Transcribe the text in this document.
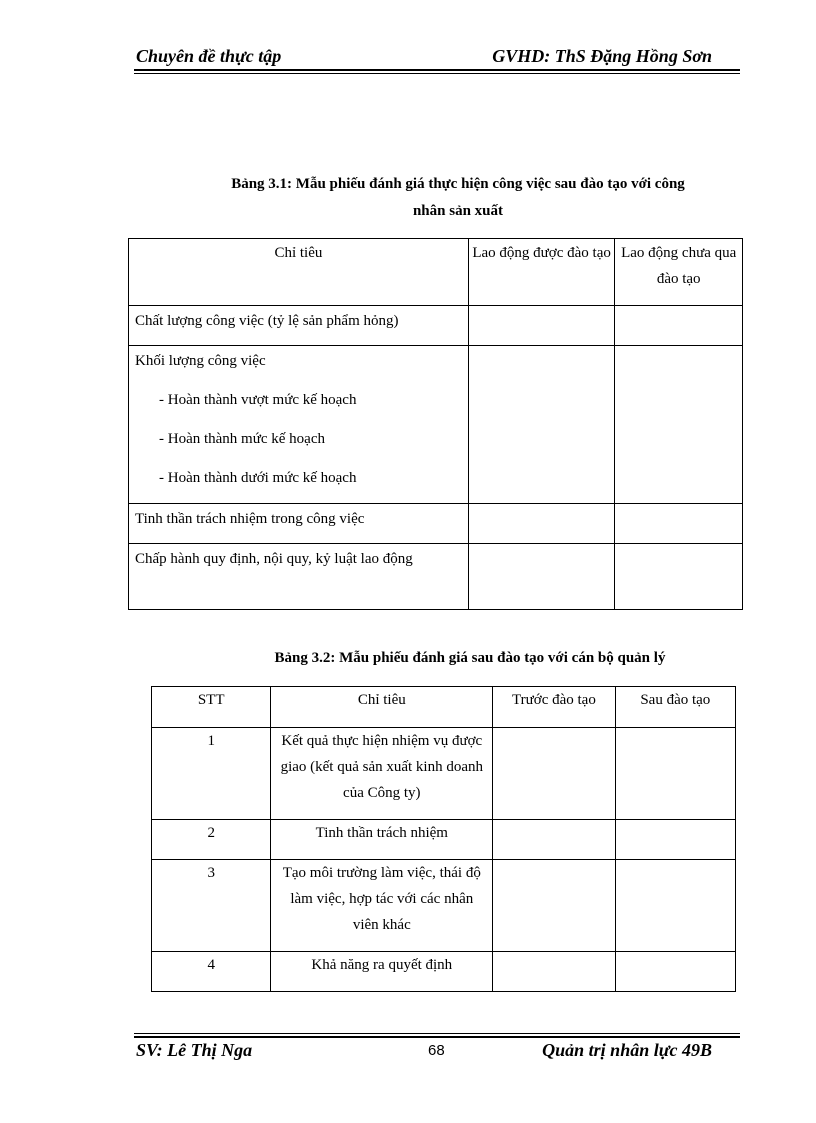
Chuyên đề thực tập	GVHD: ThS Đặng Hồng Sơn
Bảng 3.1: Mẫu phiếu đánh giá thực hiện công việc sau đào tạo với công
nhân sản xuất
Chỉ tiêu	Lao động được đào tạo	Lao động chưa qua đào tạo
Chất lượng công việc (tỷ lệ sản phẩm hỏng)		

Khối lượng công việc
- Hoàn thành vượt mức kế hoạch
- Hoàn thành mức kế hoạch
- Hoàn thành dưới mức kế hoạch		

Tinh thần trách nhiệm trong công việc		
Chấp hành quy định, nội quy, kỷ luật lao động		
Bảng 3.2: Mẫu phiếu đánh giá sau đào tạo với cán bộ quản lý
STT	Chỉ tiêu	Trước đào tạo	Sau đào tạo
1	Kết quả thực hiện nhiệm vụ được giao (kết quả sản xuất kinh doanh của Công ty)		
2	Tinh thần trách nhiệm		
3	Tạo môi trường làm việc, thái độ làm việc, hợp tác với các nhân viên khác		
4	Khả năng ra quyết định		
SV: Lê Thị Nga	68	Quản trị nhân lực 49B
